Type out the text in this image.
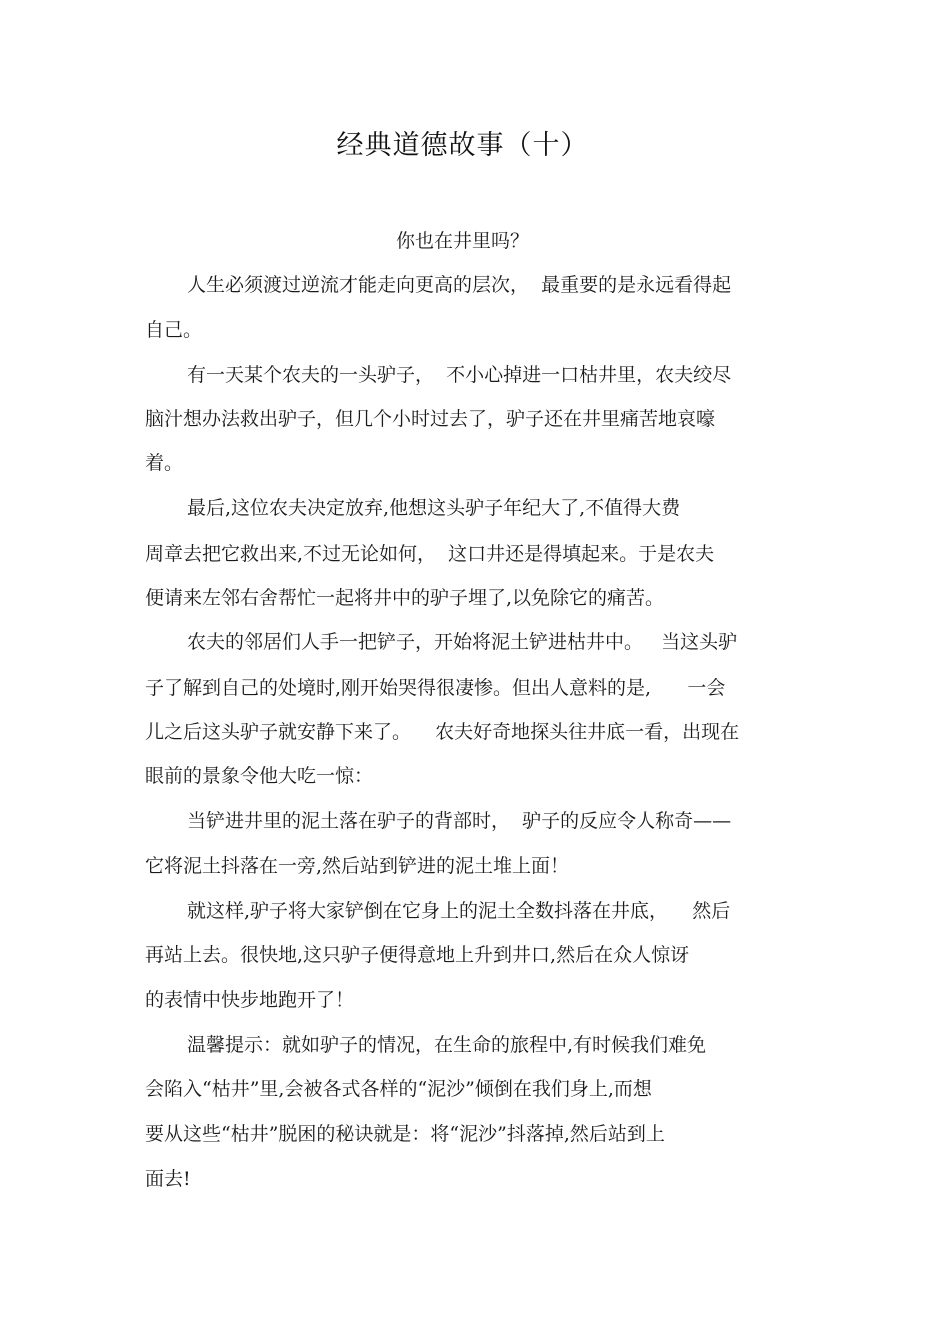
经典道德故事（十）
你也在井里吗？
人生必须渡过逆流才能走向更高的层次，  最重要的是永远看得起
自己。
有一天某个农夫的一头驴子，  不小心掉进一口枯井里，农夫绞尽
脑汁想办法救出驴子，但几个小时过去了，驴子还在井里痛苦地哀嚎
着。
最后,这位农夫决定放弃,他想这头驴子年纪大了,不值得大费
周章去把它救出来,不过无论如何，  这口井还是得填起来。于是农夫
便请来左邻右舍帮忙一起将井中的驴子埋了,以免除它的痛苦。
农夫的邻居们人手一把铲子，开始将泥土铲进枯井中。   当这头驴
子了解到自己的处境时,刚开始哭得很凄惨。但出人意料的是,      一会
儿之后这头驴子就安静下来了。    农夫好奇地探头往井底一看，出现在
眼前的景象令他大吃一惊：
当铲进井里的泥土落在驴子的背部时，  驴子的反应令人称奇——
它将泥土抖落在一旁,然后站到铲进的泥土堆上面！
就这样,驴子将大家铲倒在它身上的泥土全数抖落在井底，    然后
再站上去。很快地,这只驴子便得意地上升到井口,然后在众人惊讶
的表情中快步地跑开了！
温馨提示：就如驴子的情况，在生命的旅程中,有时候我们难免
会陷入“枯井”里,会被各式各样的“泥沙”倾倒在我们身上,而想
要从这些“枯井”脱困的秘诀就是：将“泥沙”抖落掉,然后站到上
面去!
